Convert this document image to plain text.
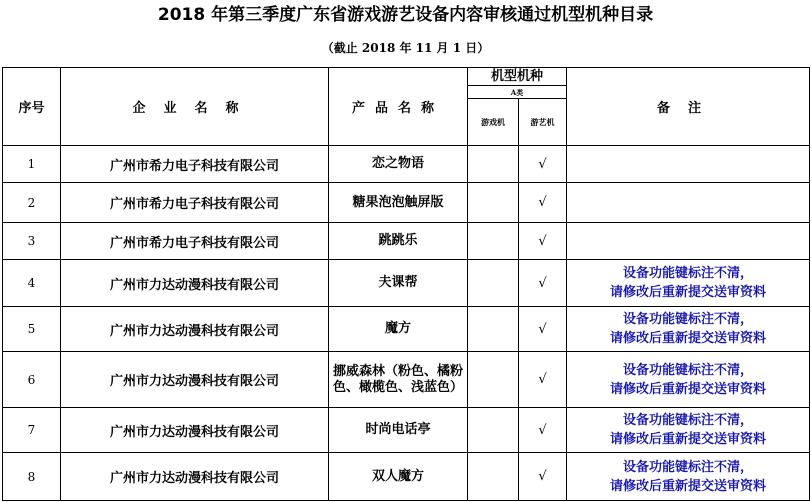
2018 年第三季度广东省游戏游艺设备内容审核通过机型机种目录
（截止 2018 年 11 月 1 日）
序号	企业名称	产品名称	机型机种		备注
			A类		
			游戏机	游艺机	
1	广州市希力电子科技有限公司	恋之物语		√	

2	广州市希力电子科技有限公司	糖果泡泡触屏版		√	

3	广州市希力电子科技有限公司	跳跳乐		√	

4	广州市力达动漫科技有限公司	夫课帮		√	设备功能键标注不清，
请修改后重新提交送审资料

5	广州市力达动漫科技有限公司	魔方		√	设备功能键标注不清，
请修改后重新提交送审资料

6	广州市力达动漫科技有限公司	挪威森林（粉色、橘粉色、橄榄色、浅蓝色）		√	设备功能键标注不清，
请修改后重新提交送审资料

7	广州市力达动漫科技有限公司	时尚电话亭		√	设备功能键标注不清，
请修改后重新提交送审资料

8	广州市力达动漫科技有限公司	双人魔方		√	设备功能键标注不清，
请修改后重新提交送审资料
